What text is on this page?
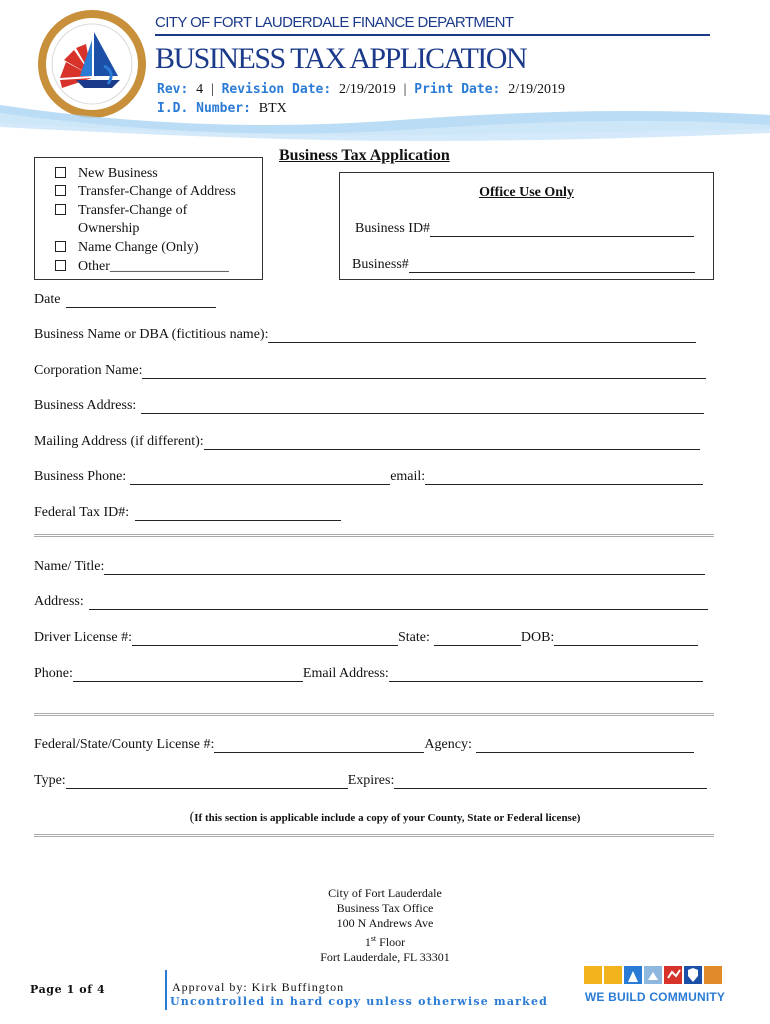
CITY OF FORT LAUDERDALE FINANCE DEPARTMENT
BUSINESS TAX APPLICATION
Rev: 4 | Revision Date: 2/19/2019 | Print Date: 2/19/2019
I.D. Number: BTX
New Business
Transfer-Change of Address
Transfer-Change of
Ownership
Name Change (Only)
Other_________________
Business Tax Application
Office Use Only
Business ID#
Business#
Date
Business Name or DBA (fictitious name):
Corporation Name:
Business Address:
Mailing Address (if different):
Business Phone:	email:
Federal Tax ID#:
Name/ Title:
Address:
Driver License #:	State:	DOB:
Phone:	Email Address:
Federal/State/County License #:	Agency:
Type:	Expires:
(If this section is applicable include a copy of your County, State or Federal license)
City of Fort Lauderdale
Business Tax Office
100 N Andrews Ave
1st Floor
Fort Lauderdale, FL 33301
Page 1 of 4	Approval by: Kirk Buffington
Uncontrolled in hard copy unless otherwise marked	WE BUILD COMMUNITY
